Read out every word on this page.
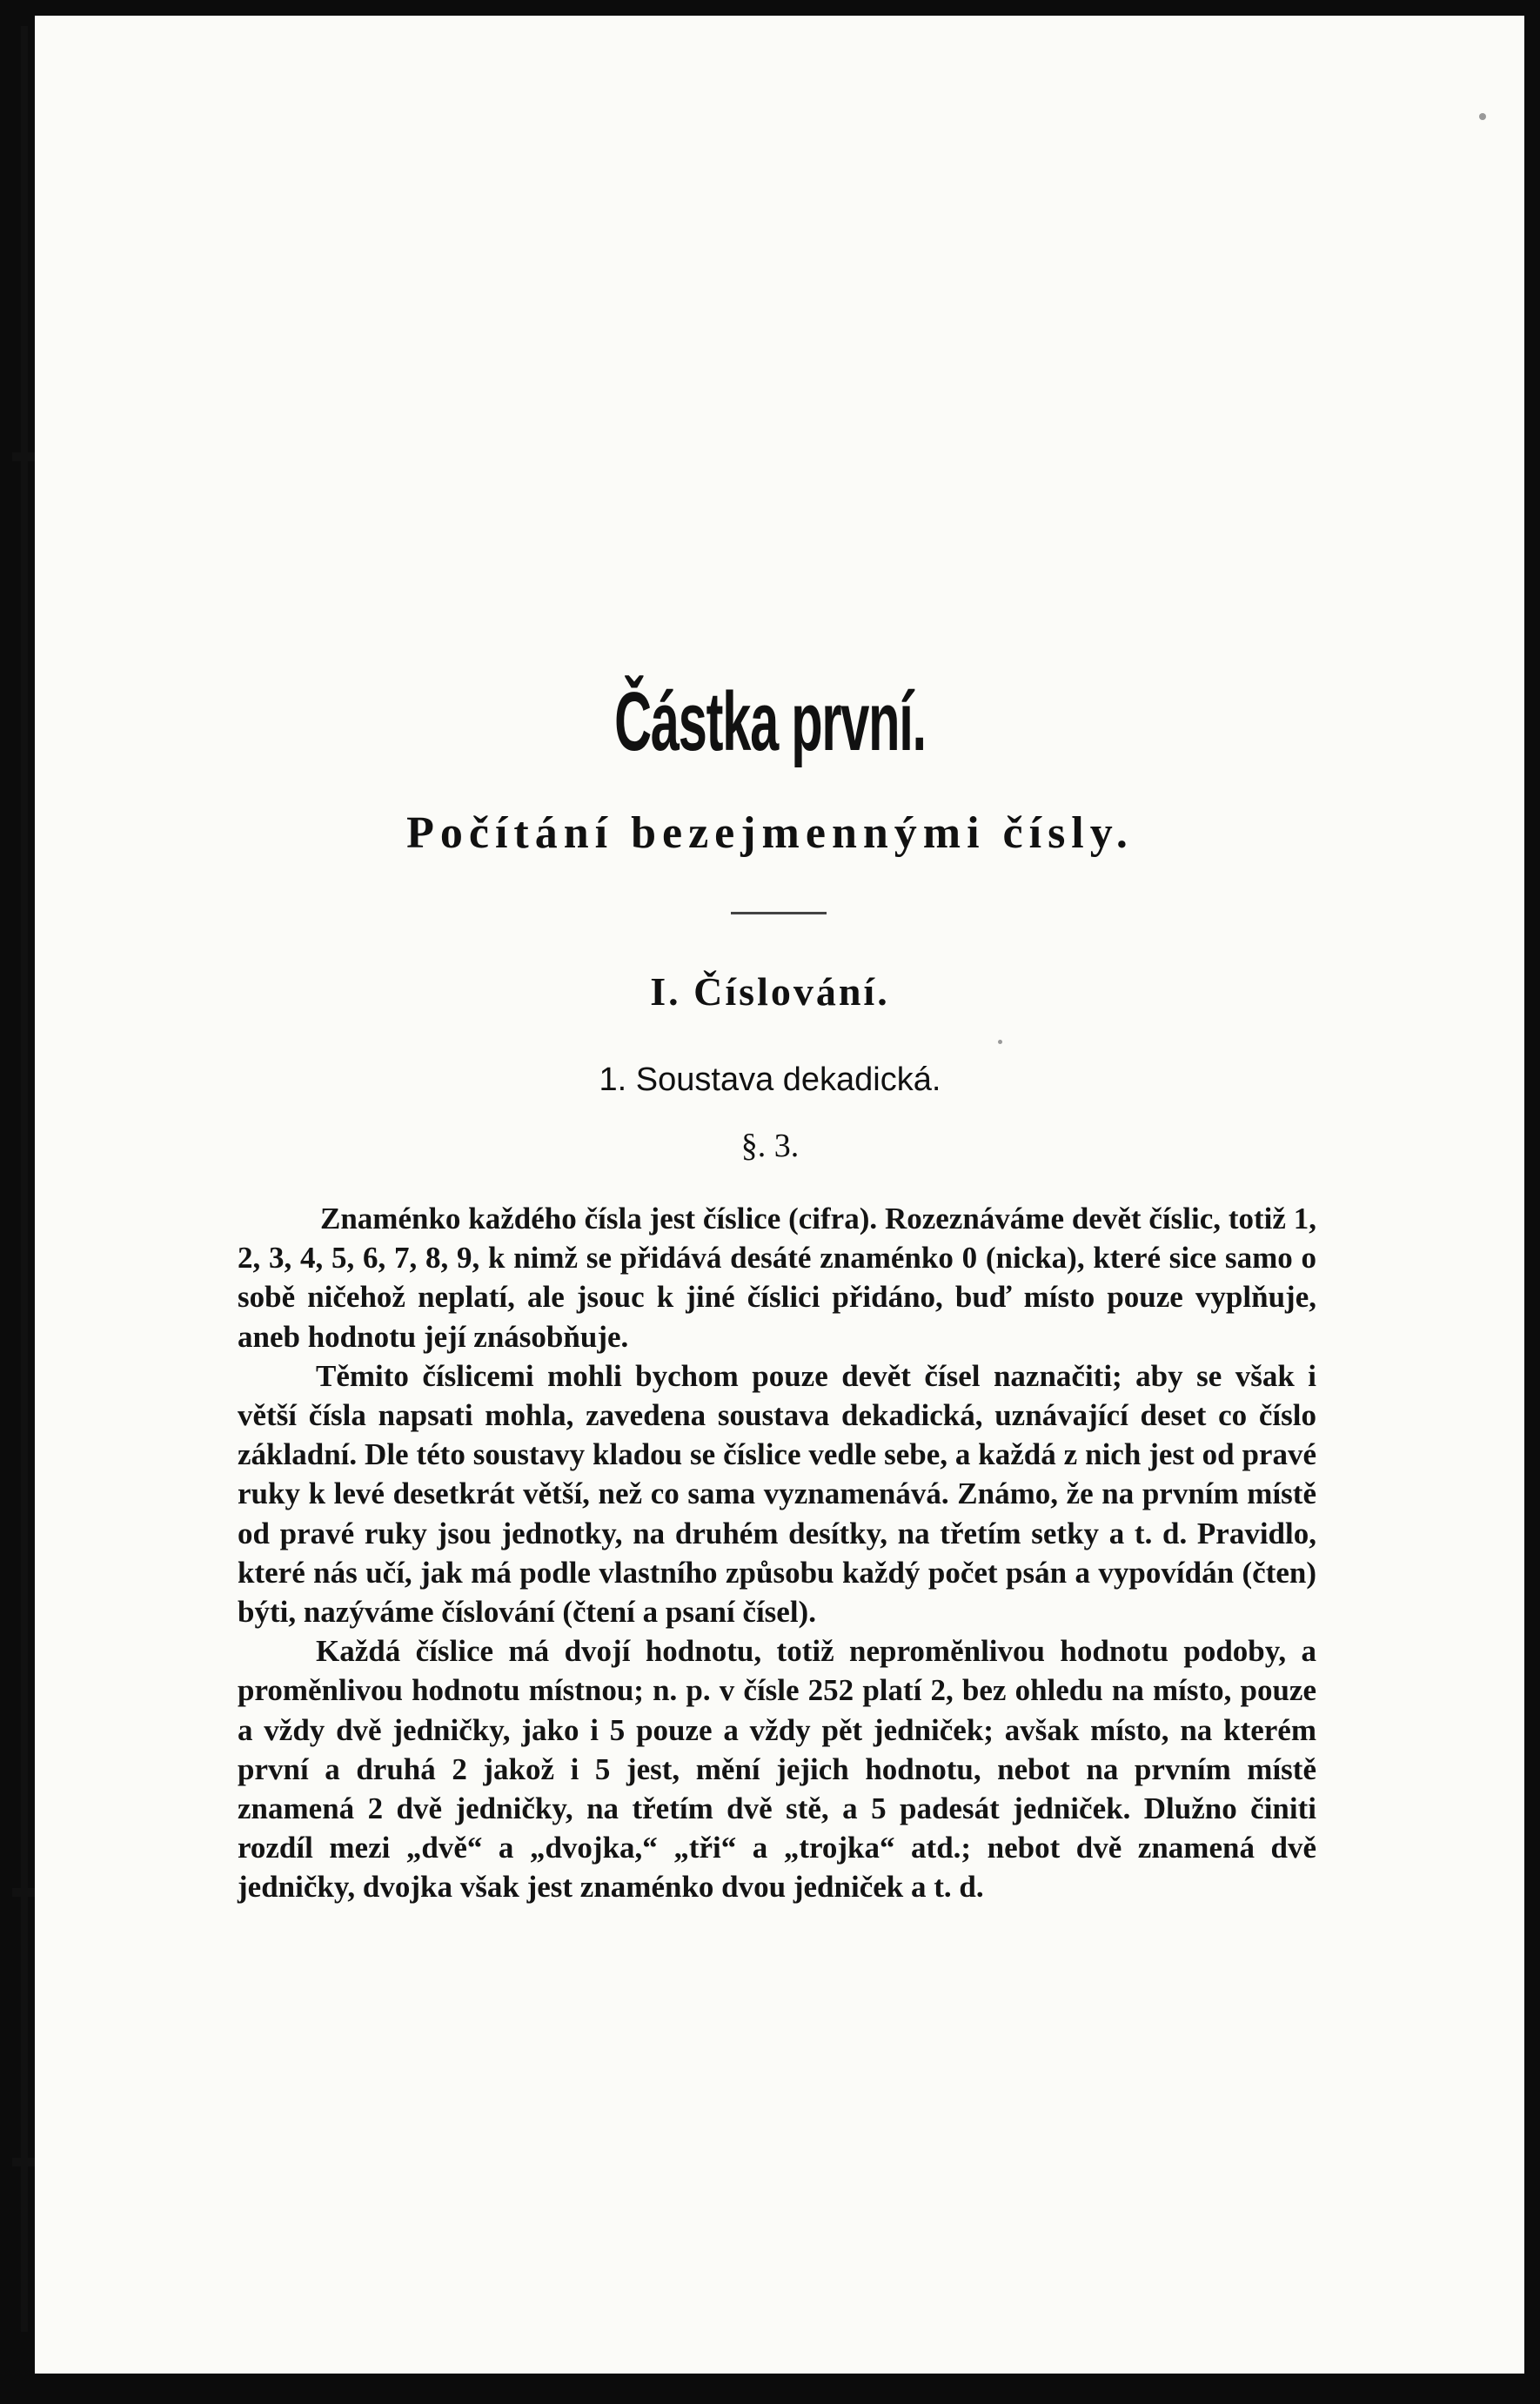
Částka první.
Počítání bezejmennými čísly.
I. Číslování.
1. Soustava dekadická.
§. 3.

Znaménko každého čísla jest číslice (cifra). Rozeznáváme devět číslic, totiž 1, 2, 3, 4, 5, 6, 7, 8, 9, k nimž se přidává desáté znaménko 0 (nicka), které sice samo o sobě ničehož neplatí, ale jsouc k jiné číslici přidáno, buď místo pouze vyplňuje, aneb hodnotu její znásobňuje.

Těmito číslicemi mohli bychom pouze devět čísel naznačiti; aby se však i větší čísla napsati mohla, zavedena soustava dekadická, uznávající deset co číslo základní. Dle této soustavy kladou se číslice vedle sebe, a každá z nich jest od pravé ruky k levé desetkrát větší, než co sama vyznamenává. Známo, že na prvním místě od pravé ruky jsou jednotky, na druhém desítky, na třetím setky a t. d. Pravidlo, které nás učí, jak má podle vlastního způsobu každý počet psán a vypovídán (čten) býti, nazýváme číslování (čtení a psaní čísel).

Každá číslice má dvojí hodnotu, totiž nepromĕnlivou hodnotu podoby, a proměnlivou hodnotu místnou; n. p. v čísle 252 platí 2, bez ohledu na místo, pouze a vždy dvě jedničky, jako i 5 pouze a vždy pět jedniček; avšak místo, na kterém první a druhá 2 jakož i 5 jest, mění jejich hodnotu, nebot na prvním místě znamená 2 dvě jedničky, na třetím dvě stě, a 5 padesát jedniček. Dlužno činiti rozdíl mezi „dvě“ a „dvojka,“ „tři“ a „trojka“ atd.; nebot dvě znamená dvě jedničky, dvojka však jest znaménko dvou jedniček a t. d.
